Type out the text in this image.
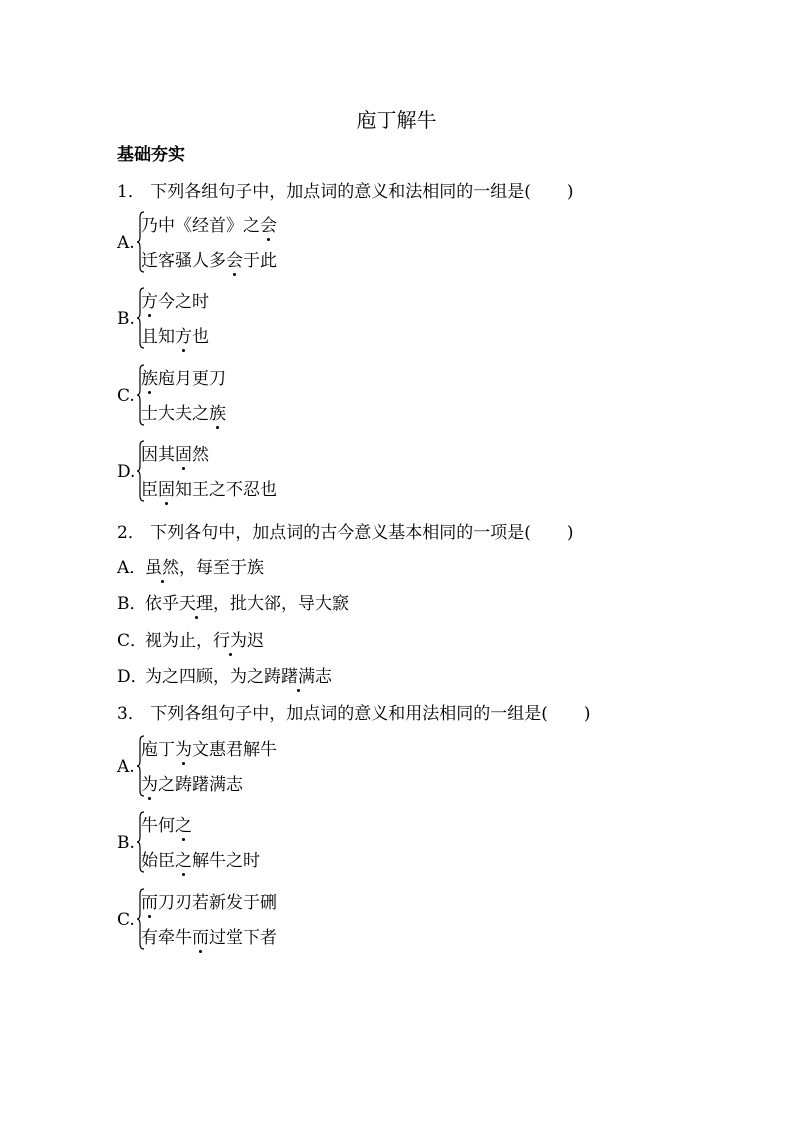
庖丁解牛
基础夯实
1． 下列各组句子中，加点词的意义和法相同的一组是( )
A.
乃中《经首》之会
迁客骚人多会于此
B.
方今之时
且知方也
C.
族庖月更刀
士大夫之族
D.
因其固然
臣固知王之不忍也
2． 下列各句中，加点词的古今意义基本相同的一项是( )
A．虽然，每至于族
B．依乎天理，批大郤，导大窾
C．视为止，行为迟
D．为之四顾，为之踌躇满志
3． 下列各组句子中，加点词的意义和用法相同的一组是( )
A.
庖丁为文惠君解牛
为之踌躇满志
B.
牛何之
始臣之解牛之时
C.
而刀刃若新发于硎
有牵牛而过堂下者
